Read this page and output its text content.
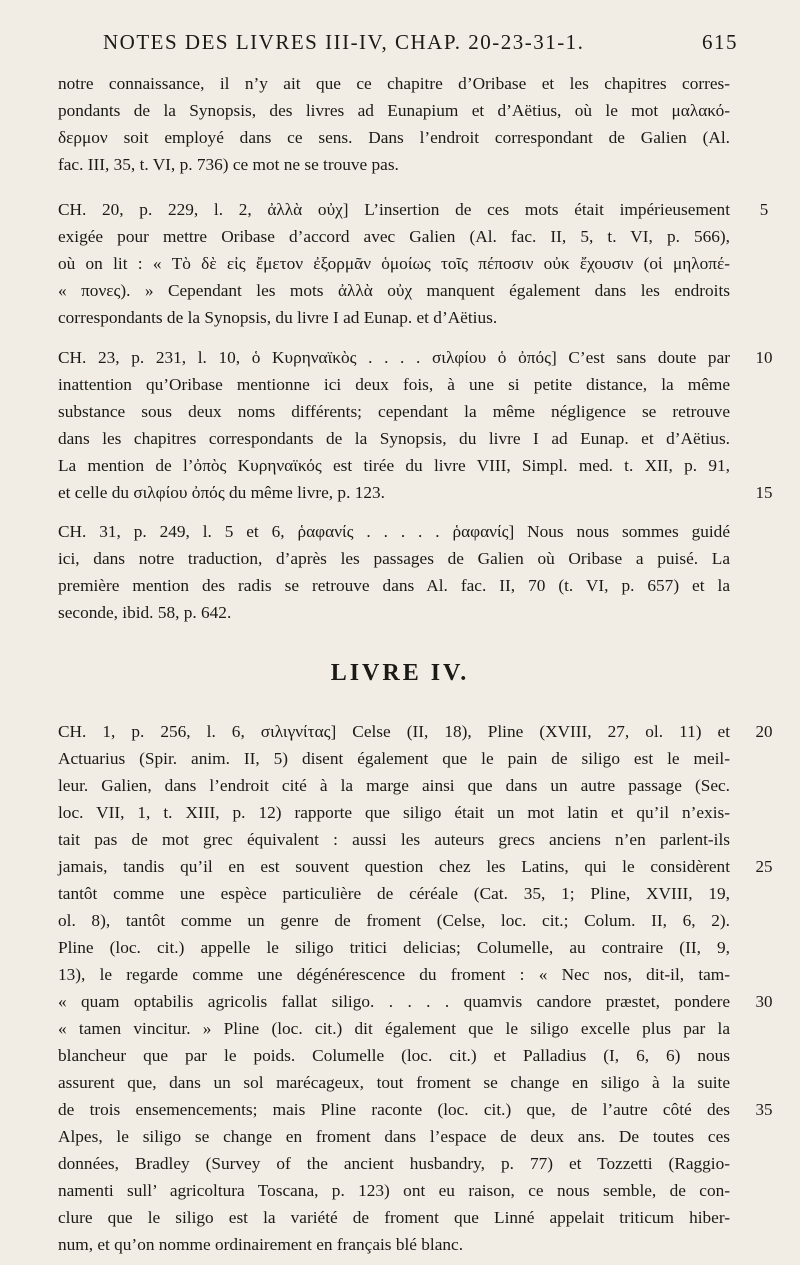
NOTES DES LIVRES III-IV, CHAP. 20-23-31-1.	615
notre connaissance, il n’y ait que ce chapitre d’Oribase et les chapitres corres-
pondants de la Synopsis, des livres ad Eunapium et d’Aëtius, où le mot μαλακό-
δερμον soit employé dans ce sens. Dans l’endroit correspondant de Galien (Al.
fac. III, 35, t. VI, p. 736) ce mot ne se trouve pas.
CH. 20, p. 229, l. 2, ἀλλὰ οὐχ] L’insertion de ces mots était impérieusement
exigée pour mettre Oribase d’accord avec Galien (Al. fac. II, 5, t. VI, p. 566),
où on lit : « Τὸ δὲ εἰς ἔμετον ἐξορμᾶν ὁμοίως τοῖς πέποσιν οὐκ ἔχουσιν (οἱ μηλοπέ-
« πονες). » Cependant les mots ἀλλὰ οὐχ manquent également dans les endroits
correspondants de la Synopsis, du livre I ad Eunap. et d’Aëtius.
CH. 23, p. 231, l. 10, ὁ Κυρηναϊκὸς . . . . σιλφίου ὁ ὀπός] C’est sans doute par
inattention qu’Oribase mentionne ici deux fois, à une si petite distance, la même
substance sous deux noms différents; cependant la même négligence se retrouve
dans les chapitres correspondants de la Synopsis, du livre I ad Eunap. et d’Aëtius.
La mention de l’ὀπὸς Κυρηναϊκός est tirée du livre VIII, Simpl. med. t. XII, p. 91,
et celle du σιλφίου ὀπός du même livre, p. 123.
CH. 31, p. 249, l. 5 et 6, ῥαφανίς . . . . . ῥαφανίς] Nous nous sommes guidé
ici, dans notre traduction, d’après les passages de Galien où Oribase a puisé. La
première mention des radis se retrouve dans Al. fac. II, 70 (t. VI, p. 657) et la
seconde, ibid. 58, p. 642.
LIVRE IV.
CH. 1, p. 256, l. 6, σιλιγνίτας] Celse (II, 18), Pline (XVIII, 27, ol. 11) et
Actuarius (Spir. anim. II, 5) disent également que le pain de siligo est le meil-
leur. Galien, dans l’endroit cité à la marge ainsi que dans un autre passage (Sec.
loc. VII, 1, t. XIII, p. 12) rapporte que siligo était un mot latin et qu’il n’exis-
tait pas de mot grec équivalent : aussi les auteurs grecs anciens n’en parlent-ils
jamais, tandis qu’il en est souvent question chez les Latins, qui le considèrent
tantôt comme une espèce particulière de céréale (Cat. 35, 1; Pline, XVIII, 19,
ol. 8), tantôt comme un genre de froment (Celse, loc. cit.; Colum. II, 6, 2).
Pline (loc. cit.) appelle le siligo tritici delicias; Columelle, au contraire (II, 9,
13), le regarde comme une dégénérescence du froment : « Nec nos, dit-il, tam-
« quam optabilis agricolis fallat siligo. . . . . quamvis candore præstet, pondere
« tamen vincitur. » Pline (loc. cit.) dit également que le siligo excelle plus par la
blancheur que par le poids. Columelle (loc. cit.) et Palladius (I, 6, 6) nous
assurent que, dans un sol marécageux, tout froment se change en siligo à la suite
de trois ensemencements; mais Pline raconte (loc. cit.) que, de l’autre côté des
Alpes, le siligo se change en froment dans l’espace de deux ans. De toutes ces
données, Bradley (Survey of the ancient husbandry, p. 77) et Tozzetti (Raggio-
namenti sull’ agricoltura Toscana, p. 123) ont eu raison, ce nous semble, de con-
clure que le siligo est la variété de froment que Linné appelait triticum hiber-
num, et qu’on nomme ordinairement en français blé blanc.
5
10
15
20
25
30
35
